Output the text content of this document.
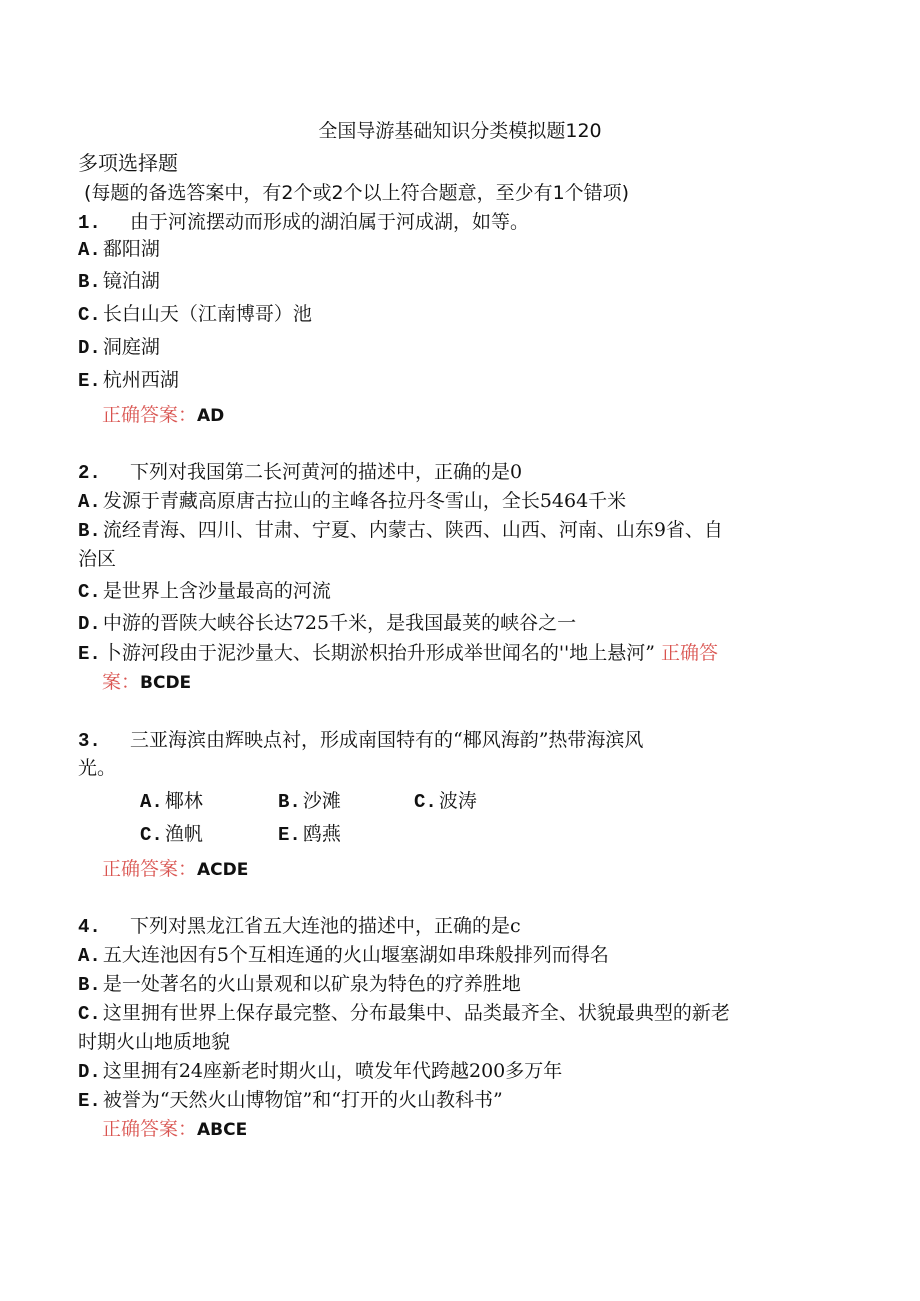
全国导游基础知识分类模拟题120
多项选择题
(每题的备选答案中，有2个或2个以上符合题意，至少有1个错项)
1. 由于河流摆动而形成的湖泊属于河成湖，如等。
A. 鄱阳湖
B. 镜泊湖
C. 长白山天（江南博哥）池
D. 洞庭湖
E. 杭州西湖
正确答案：AD
2. 下列对我国第二长河黄河的描述中，正确的是0
A. 发源于青藏高原唐古拉山的主峰各拉丹冬雪山，全长5464千米
B. 流经青海、四川、甘肃、宁夏、内蒙古、陕西、山西、河南、山东9省、自
治区
C. 是世界上含沙量最高的河流
D. 中游的晋陕大峡谷长达725千米，是我国最荚的峡谷之一
E. 卜游河段由于泥沙量大、长期淤枳抬升形成举世闻名的''地上悬河” 正确答
案：BCDE
3. 三亚海滨由辉映点衬，形成南国特有的“椰风海韵”热带海滨风
光。
A. 椰林	B. 沙滩	C. 波涛
C. 渔帆	E. 鸥燕
正确答案：ACDE
4. 下列对黑龙江省五大连池的描述中，正确的是c
A. 五大连池因有5个互相连通的火山堰塞湖如串珠般排列而得名
B. 是一处著名的火山景观和以矿泉为特色的疗养胜地
C. 这里拥有世界上保存最完整、分布最集中、品类最齐全、状貌最典型的新老
时期火山地质地貌
D. 这里拥有24座新老时期火山，喷发年代跨越200多万年
E. 被誉为“天然火山博物馆”和“打开的火山教科书”
正确答案：ABCE
